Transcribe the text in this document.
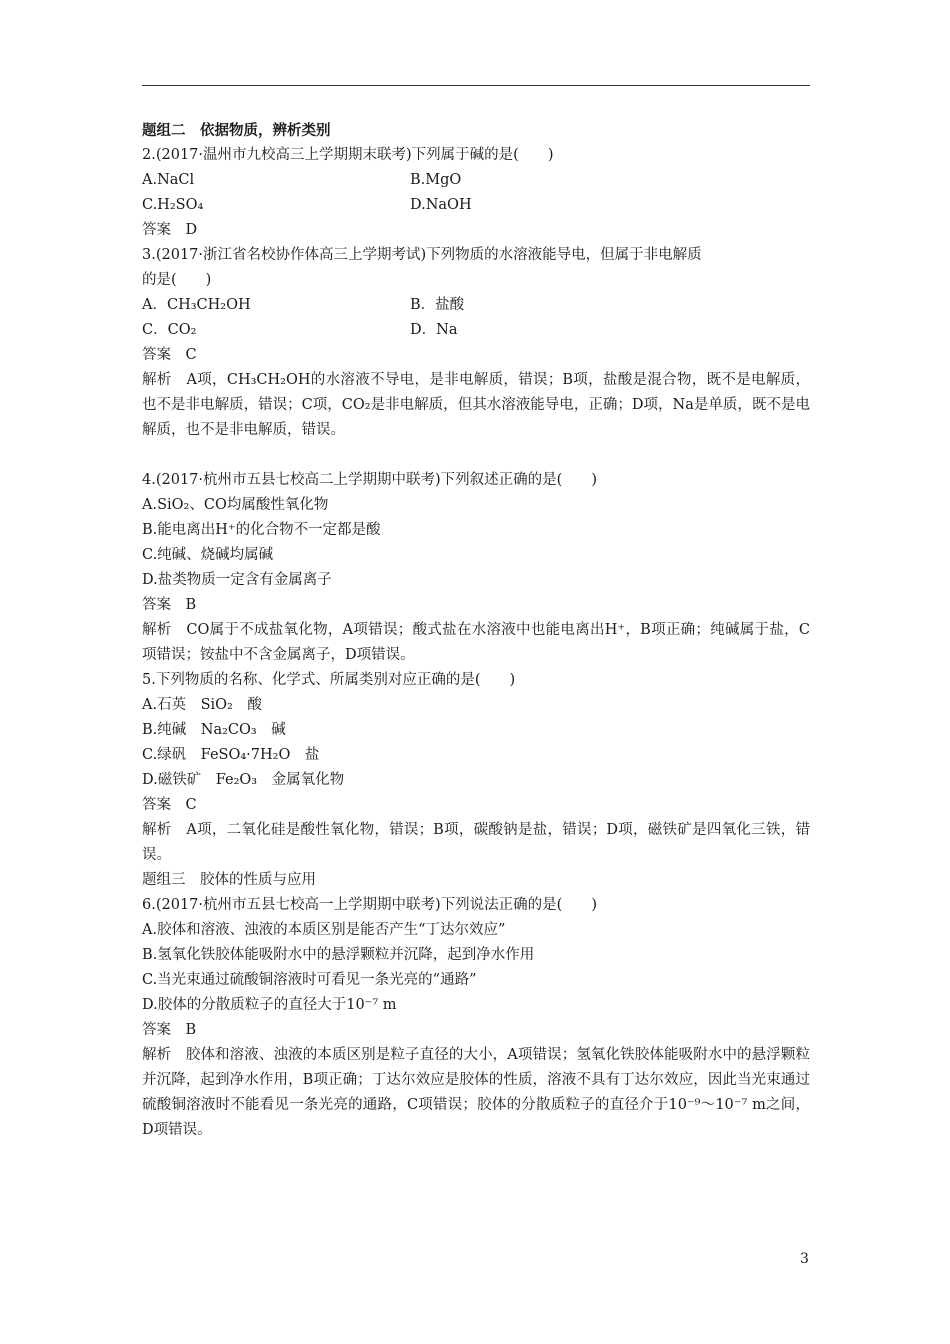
题组二　依据物质，辨析类别
2.(2017·温州市九校高三上学期期末联考)下列属于碱的是(　　)
A.NaCl	B.MgO
C.H₂SO₄	D.NaOH
答案　D
3.(2017·浙江省名校协作体高三上学期考试)下列物质的水溶液能导电，但属于非电解质
的是(　　)
A．CH₃CH₂OH	B．盐酸
C．CO₂	D．Na
答案　C
解析　A项，CH₃CH₂OH的水溶液不导电，是非电解质，错误；B项，盐酸是混合物，既不是电解质，也不是非电解质，错误；C项，CO₂是非电解质，但其水溶液能导电，正确；D项，Na是单质，既不是电解质，也不是非电解质，错误。
4.(2017·杭州市五县七校高二上学期期中联考)下列叙述正确的是(　　)
A.SiO₂、CO均属酸性氧化物
B.能电离出H⁺的化合物不一定都是酸
C.纯碱、烧碱均属碱
D.盐类物质一定含有金属离子
答案　B
解析　CO属于不成盐氧化物，A项错误；酸式盐在水溶液中也能电离出H⁺，B项正确；纯碱属于盐，C项错误；铵盐中不含金属离子，D项错误。
5.下列物质的名称、化学式、所属类别对应正确的是(　　)
A.石英　SiO₂　酸
B.纯碱　Na₂CO₃　碱
C.绿矾　FeSO₄·7H₂O　盐
D.磁铁矿　Fe₂O₃　金属氧化物
答案　C
解析　A项，二氧化硅是酸性氧化物，错误；B项，碳酸钠是盐，错误；D项，磁铁矿是四氧化三铁，错误。
题组三　胶体的性质与应用
6.(2017·杭州市五县七校高一上学期期中联考)下列说法正确的是(　　)
A.胶体和溶液、浊液的本质区别是能否产生“丁达尔效应”
B.氢氧化铁胶体能吸附水中的悬浮颗粒并沉降，起到净水作用
C.当光束通过硫酸铜溶液时可看见一条光亮的“通路”
D.胶体的分散质粒子的直径大于10⁻⁷ m
答案　B
解析　胶体和溶液、浊液的本质区别是粒子直径的大小，A项错误；氢氧化铁胶体能吸附水中的悬浮颗粒并沉降，起到净水作用，B项正确；丁达尔效应是胶体的性质，溶液不具有丁达尔效应，因此当光束通过硫酸铜溶液时不能看见一条光亮的通路，C项错误；胶体的分散质粒子的直径介于10⁻⁹～10⁻⁷ m之间，D项错误。
3
